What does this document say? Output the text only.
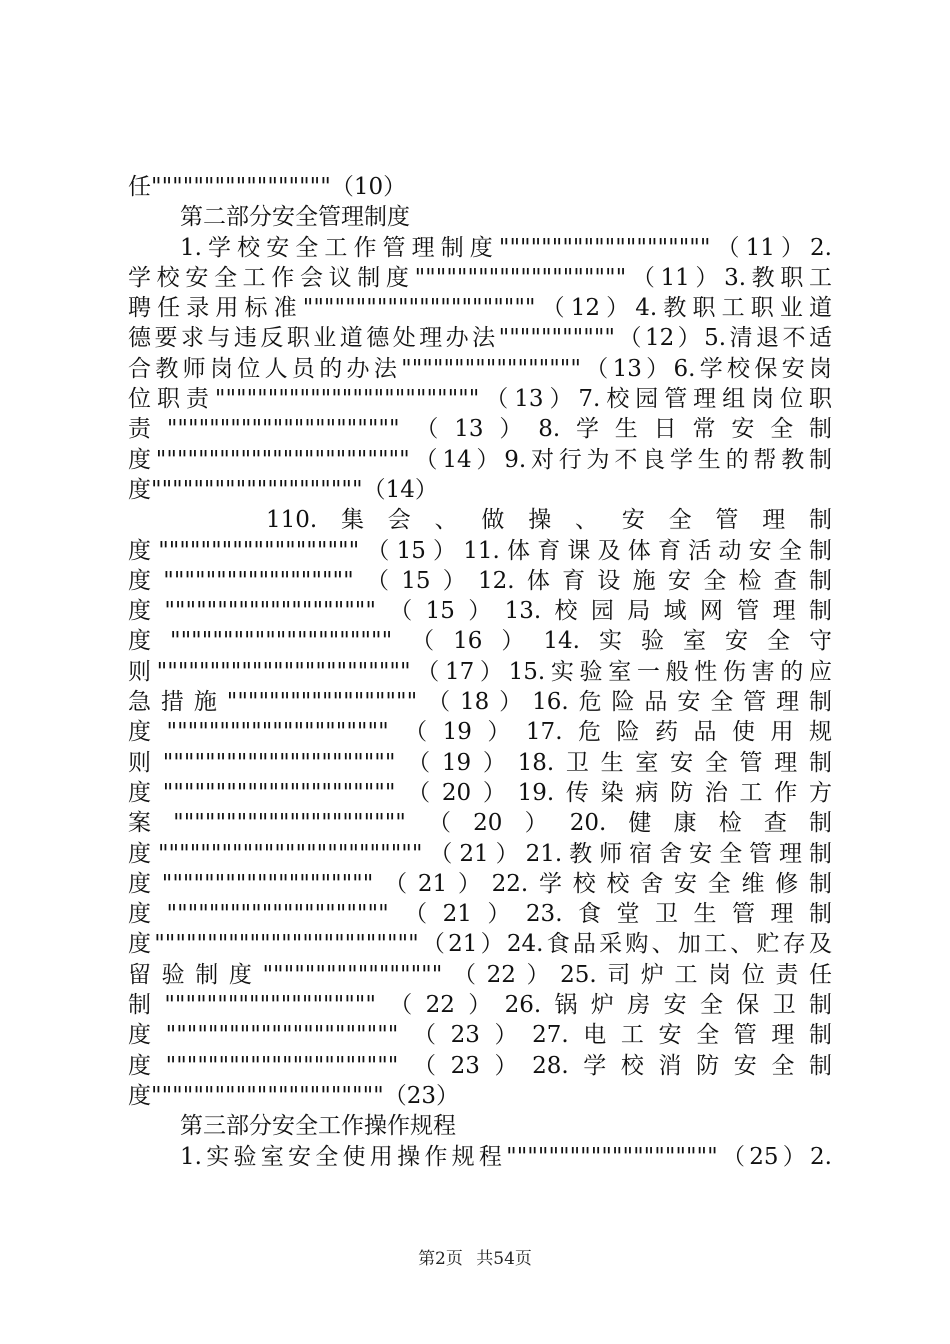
任"""""""""""""""""（10）
第二部分安全管理制度
1.学校安全工作管理制度""""""""""""""""""""（11）2.
学校安全工作会议制度""""""""""""""""""""（11）3.教职工
聘任录用标准""""""""""""""""""""""（12）4.教职工职业道
德要求与违反职业道德处理办法"""""""""""（12）5.清退不适
合教师岗位人员的办法"""""""""""""""""（13）6.学校保安岗
位职责"""""""""""""""""""""""""（13）7.校园管理组岗位职
责""""""""""""""""""""""（13）8.学生日常安全制
度""""""""""""""""""""""""（14）9.对行为不良学生的帮教制
度""""""""""""""""""""（14）
110.集会、做操、安全管理制
度"""""""""""""""""""（15）11.体育课及体育活动安全制
度""""""""""""""""""（15）12.体育设施安全检查制
度""""""""""""""""""""（15）13.校园局域网管理制
度"""""""""""""""""""""（16）14.实验室安全守
则""""""""""""""""""""""""（17）15.实验室一般性伤害的应
急措施""""""""""""""""""（18）16.危险品安全管理制
度"""""""""""""""""""""（19）17.危险药品使用规
则""""""""""""""""""""""（19）18.卫生室安全管理制
度""""""""""""""""""""""（20）19.传染病防治工作方
案""""""""""""""""""""""（20）20.健康检查制
度"""""""""""""""""""""""""（21）21.教师宿舍安全管理制
度""""""""""""""""""""（21）22.学校校舍安全维修制
度"""""""""""""""""""""（21）23.食堂卫生管理制
度"""""""""""""""""""""""""（21）24.食品采购、加工、贮存及
留验制度"""""""""""""""""（22）25.司炉工岗位责任
制""""""""""""""""""""（22）26.锅炉房安全保卫制
度""""""""""""""""""""""（23）27.电工安全管理制
度""""""""""""""""""""""（23）28.学校消防安全制
度""""""""""""""""""""""（23）
第三部分安全工作操作规程
1.实验室安全使用操作规程""""""""""""""""""""（25）2.
第2页 共54页
